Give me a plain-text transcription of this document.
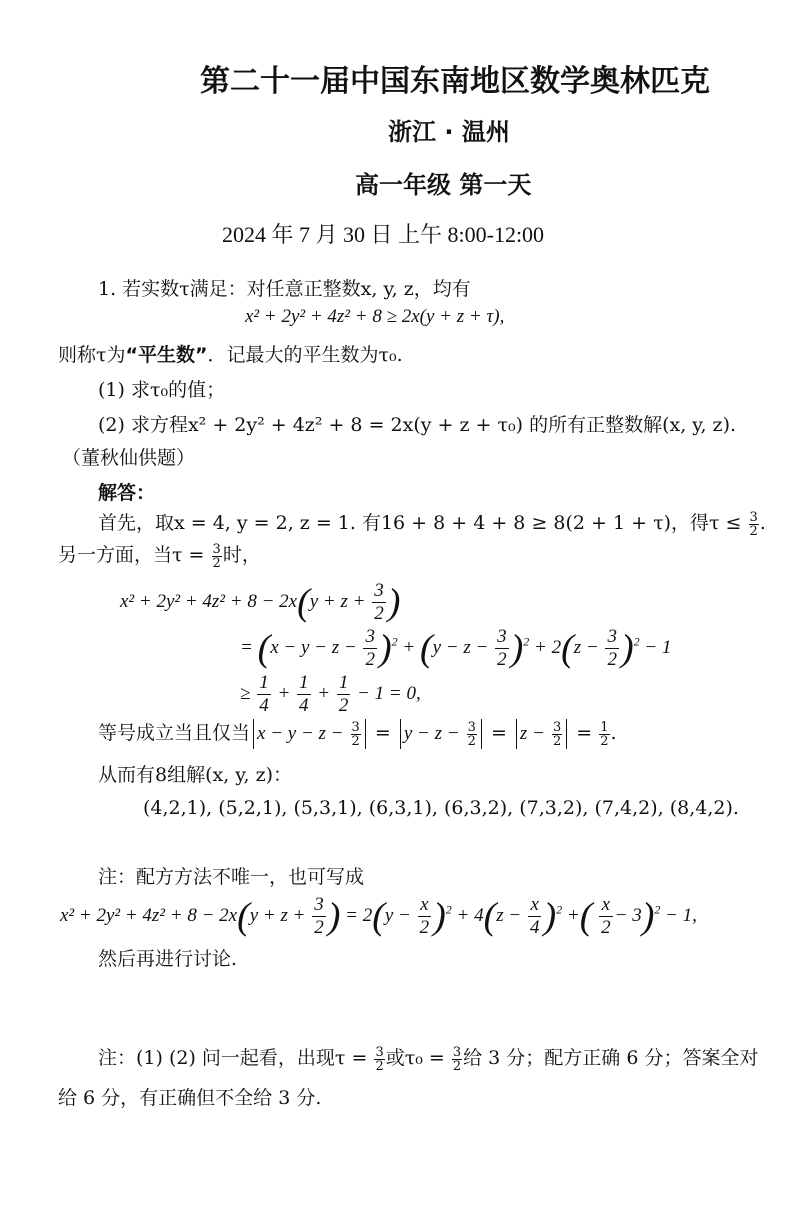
第二十一届中国东南地区数学奥林匹克
浙江 · 温州
高一年级 第一天
2024 年 7 月 30 日 上午 8:00-12:00
1. 若实数τ满足：对任意正整数x, y, z，均有
x² + 2y² + 4z² + 8 ≥ 2x(y + z + τ),
则称τ为“平生数”．记最大的平生数为τ₀.
(1) 求τ₀的值；
(2) 求方程x² + 2y² + 4z² + 8 = 2x(y + z + τ₀) 的所有正整数解(x, y, z).
（董秋仙供题）
解答：
首先，取x = 4, y = 2, z = 1. 有16 + 8 + 4 + 8 ≥ 8(2 + 1 + τ)，得$\tau \le \frac{3}{2}$ .
另一方面，当$\tau = \frac{3}{2}$ 时，
$x^2 + 2y^2 + 4z^2 + 8 - 2x(y + z + \frac{3}{2}$ )
= $(x - y - z - \frac{3}{2} )^2 + (y - z - \frac{3}{2} )^2 + 2(z - \frac{3}{2} )^2 - 1$
≥ $\frac{1}{4} + \frac{1}{4} + \frac{1}{2} - 1 = 0$,
等号成立当且仅当 $x - y - z - \frac{3}{2} = y - z - \frac{3}{2} = z - \frac{3}{2} = \frac{1}{2}$ .
从而有8组解(x, y, z)：
(4,2,1), (5,2,1), (5,3,1), (6,3,1), (6,3,2), (7,3,2), (7,4,2), (8,4,2).
注：配方方法不唯一，也可写成
$x^2 + 2y^2 + 4z^2 + 8 - 2x(y + z + \frac{3}{2}$ ) = $2(y - \frac{x}{2} )^2 + 4(z - \frac{x}{4} )^2$ +( $\frac{x}{2} - 3)^2 - 1$,
然后再进行讨论.
注：(1) (2) 问一起看，出现$\tau = \frac{3}{2}$ 或$\tau_0 = \frac{3}{2}$ 给 3 分；配方正确 6 分；答案全对
给 6 分，有正确但不全给 3 分.
